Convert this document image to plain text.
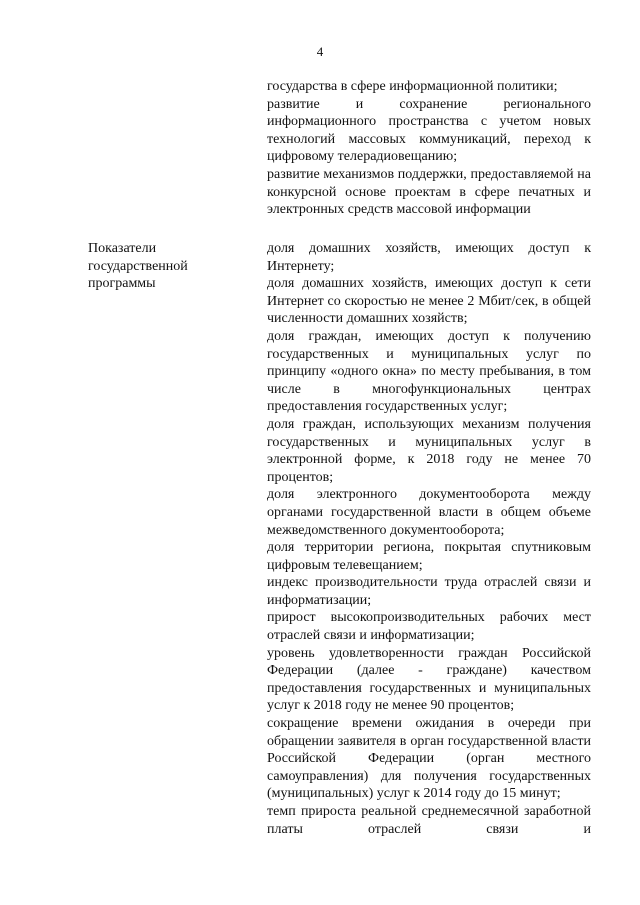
4

государства в сфере информационной политики;

развитие и сохранение регионального информационного пространства с учетом новых технологий массовых коммуникаций, переход к цифровому телерадиовещанию;

развитие механизмов поддержки, предоставляемой на конкурсной основе проектам в сфере печатных и электронных средств массовой информации

Показатели
государственной
программы

доля домашних хозяйств, имеющих доступ к Интернету;

доля домашних хозяйств, имеющих доступ к сети Интернет со скоростью не менее 2 Мбит/сек, в общей численности домашних хозяйств;

доля граждан, имеющих доступ к получению государственных и муниципальных услуг по принципу «одного окна» по месту пребывания, в том числе в многофункциональных центрах предоставления государственных услуг;

доля граждан, использующих механизм получения государственных и муниципальных услуг в электронной форме, к 2018 году не менее 70 процентов;

доля электронного документооборота между органами государственной власти в общем объеме межведомственного документооборота;

доля территории региона, покрытая спутниковым цифровым телевещанием;

индекс производительности труда отраслей связи и информатизации;

прирост высокопроизводительных рабочих мест отраслей связи и информатизации;

уровень удовлетворенности граждан Российской Федерации (далее - граждане) качеством предоставления государственных и муниципальных услуг к 2018 году не менее 90 процентов;

сокращение времени ожидания в очереди при обращении заявителя в орган государственной власти Российской Федерации (орган местного самоуправления) для получения государственных (муниципальных) услуг к 2014 году до 15 минут;

темп прироста реальной среднемесячной заработной платы отраслей связи и
